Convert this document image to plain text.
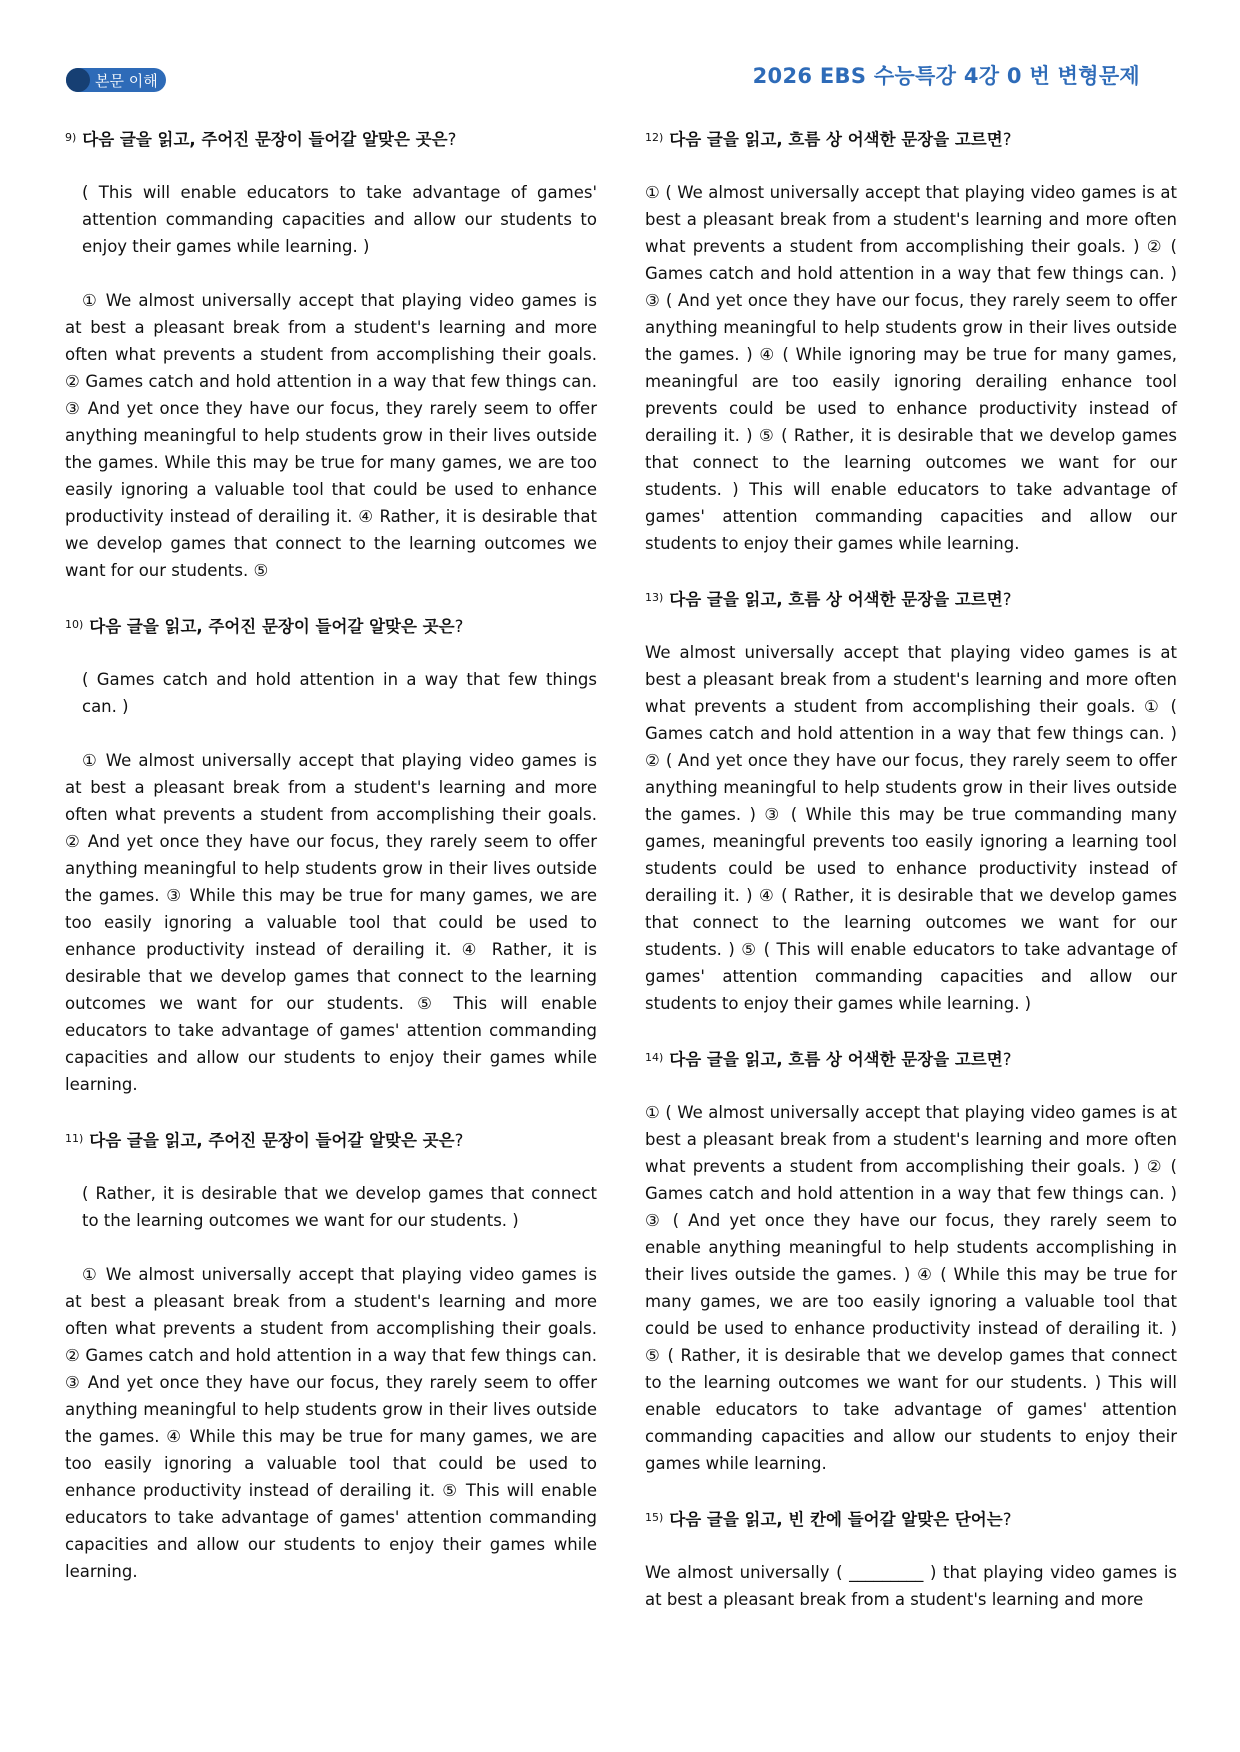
본문 이해	2026 EBS 수능특강 4강 0 번 변형문제

$^{9)}$ 다음 글을 읽고, 주어진 문장이 들어갈 알맞은 곳은?

( This will enable educators to take advantage of games' attention commanding capacities and allow our students to enjoy their games while learning. )

① We almost universally accept that playing video games is at best a pleasant break from a student's learning and more often what prevents a student from accomplishing their goals. ② Games catch and hold attention in a way that few things can. ③ And yet once they have our focus, they rarely seem to offer anything meaningful to help students grow in their lives outside the games. While this may be true for many games, we are too easily ignoring a valuable tool that could be used to enhance productivity instead of derailing it. ④ Rather, it is desirable that we develop games that connect to the learning outcomes we want for our students. ⑤

$^{10)}$ 다음 글을 읽고, 주어진 문장이 들어갈 알맞은 곳은?

( Games catch and hold attention in a way that few things can. )

① We almost universally accept that playing video games is at best a pleasant break from a student's learning and more often what prevents a student from accomplishing their goals. ② And yet once they have our focus, they rarely seem to offer anything meaningful to help students grow in their lives outside the games. ③ While this may be true for many games, we are too easily ignoring a valuable tool that could be used to enhance productivity instead of derailing it. ④ Rather, it is desirable that we develop games that connect to the learning outcomes we want for our students. ⑤ This will enable educators to take advantage of games' attention commanding capacities and allow our students to enjoy their games while learning.

$^{11)}$ 다음 글을 읽고, 주어진 문장이 들어갈 알맞은 곳은?

( Rather, it is desirable that we develop games that connect to the learning outcomes we want for our students. )

① We almost universally accept that playing video games is at best a pleasant break from a student's learning and more often what prevents a student from accomplishing their goals. ② Games catch and hold attention in a way that few things can. ③ And yet once they have our focus, they rarely seem to offer anything meaningful to help students grow in their lives outside the games. ④ While this may be true for many games, we are too easily ignoring a valuable tool that could be used to enhance productivity instead of derailing it. ⑤ This will enable educators to take advantage of games' attention commanding capacities and allow our students to enjoy their games while learning.

$^{12)}$ 다음 글을 읽고, 흐름 상 어색한 문장을 고르면?

① ( We almost universally accept that playing video games is at best a pleasant break from a student's learning and more often what prevents a student from accomplishing their goals. ) ② ( Games catch and hold attention in a way that few things can. ) ③ ( And yet once they have our focus, they rarely seem to offer anything meaningful to help students grow in their lives outside the games. ) ④ ( While ignoring may be true for many games, meaningful are too easily ignoring derailing enhance tool prevents could be used to enhance productivity instead of derailing it. ) ⑤ ( Rather, it is desirable that we develop games that connect to the learning outcomes we want for our students. ) This will enable educators to take advantage of games' attention commanding capacities and allow our students to enjoy their games while learning.

$^{13)}$ 다음 글을 읽고, 흐름 상 어색한 문장을 고르면?

We almost universally accept that playing video games is at best a pleasant break from a student's learning and more often what prevents a student from accomplishing their goals. ① ( Games catch and hold attention in a way that few things can. ) ② ( And yet once they have our focus, they rarely seem to offer anything meaningful to help students grow in their lives outside the games. ) ③ ( While this may be true commanding many games, meaningful prevents too easily ignoring a learning tool students could be used to enhance productivity instead of derailing it. ) ④ ( Rather, it is desirable that we develop games that connect to the learning outcomes we want for our students. ) ⑤ ( This will enable educators to take advantage of games' attention commanding capacities and allow our students to enjoy their games while learning. )

$^{14)}$ 다음 글을 읽고, 흐름 상 어색한 문장을 고르면?

① ( We almost universally accept that playing video games is at best a pleasant break from a student's learning and more often what prevents a student from accomplishing their goals. ) ② ( Games catch and hold attention in a way that few things can. ) ③ ( And yet once they have our focus, they rarely seem to enable anything meaningful to help students accomplishing in their lives outside the games. ) ④ ( While this may be true for many games, we are too easily ignoring a valuable tool that could be used to enhance productivity instead of derailing it. ) ⑤ ( Rather, it is desirable that we develop games that connect to the learning outcomes we want for our students. ) This will enable educators to take advantage of games' attention commanding capacities and allow our students to enjoy their games while learning.

$^{15)}$ 다음 글을 읽고, 빈 칸에 들어갈 알맞은 단어는?

We almost universally ( _________ ) that playing video games is at best a pleasant break from a student's learning and more
